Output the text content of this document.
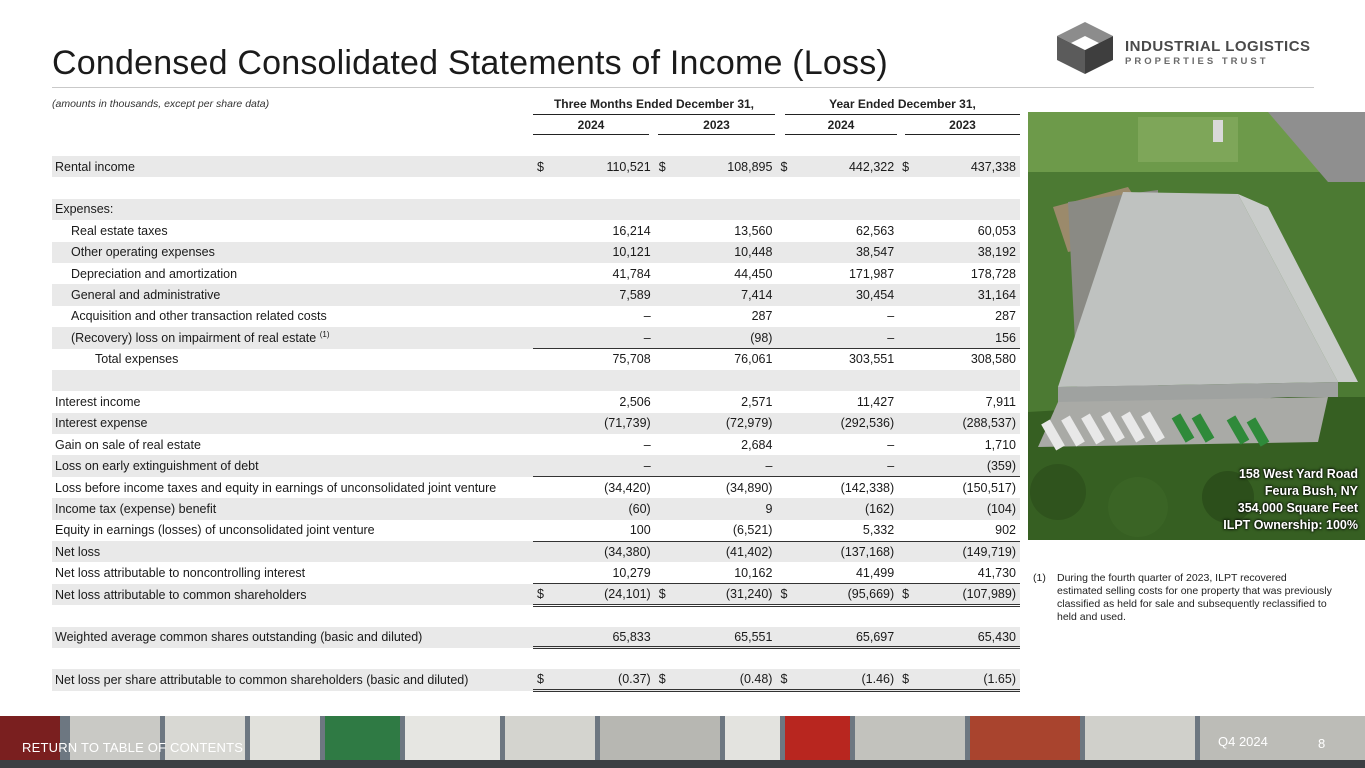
Condensed Consolidated Statements of Income (Loss)	INDUSTRIAL LOGISTICS
PROPERTIES TRUST
(amounts in thousands, except per share data)	Three Months Ended December 31,	Year Ended December 31,
2024	2023	2024	2023
Rental income	$	110,521	$	108,895	$	442,322	$	437,338

Expenses:								
Real estate taxes		16,214		13,560		62,563		60,053
Other operating expenses		10,121		10,448		38,547		38,192
Depreciation and amortization		41,784		44,450		171,987		178,728
General and administrative		7,589		7,414		30,454		31,164
Acquisition and other transaction related costs		–		287		–		287
(Recovery) loss on impairment of real estate $^{(1)}$		–		(98)		–		156
Total expenses		75,708		76,061		303,551		308,580

Interest income		2,506		2,571		11,427		7,911
Interest expense		(71,739)		(72,979)		(292,536)		(288,537)
Gain on sale of real estate		–		2,684		–		1,710
Loss on early extinguishment of debt		–		–		–		(359)
Loss before income taxes and equity in earnings of unconsolidated joint venture		(34,420)		(34,890)		(142,338)		(150,517)
Income tax (expense) benefit		(60)		9		(162)		(104)
Equity in earnings (losses) of unconsolidated joint venture		100		(6,521)		5,332		902
Net loss		(34,380)		(41,402)		(137,168)		(149,719)
Net loss attributable to noncontrolling interest		10,279		10,162		41,499		41,730
Net loss attributable to common shareholders	$	(24,101)	$	(31,240)	$	(95,669)	$	(107,989)

Weighted average common shares outstanding (basic and diluted)		65,833		65,551		65,697		65,430

Net loss per share attributable to common shareholders (basic and diluted)	$	(0.37)	$	(0.48)	$	(1.46)	$	(1.65)
158 West Yard Road
Feura Bush, NY
354,000 Square Feet
ILPT Ownership: 100%
(1) During the fourth quarter of 2023, ILPT recovered estimated selling costs for one property that was previously classified as held for sale and subsequently reclassified to held and used.
RETURN TO TABLE OF CONTENTS	Q4 2024	8
